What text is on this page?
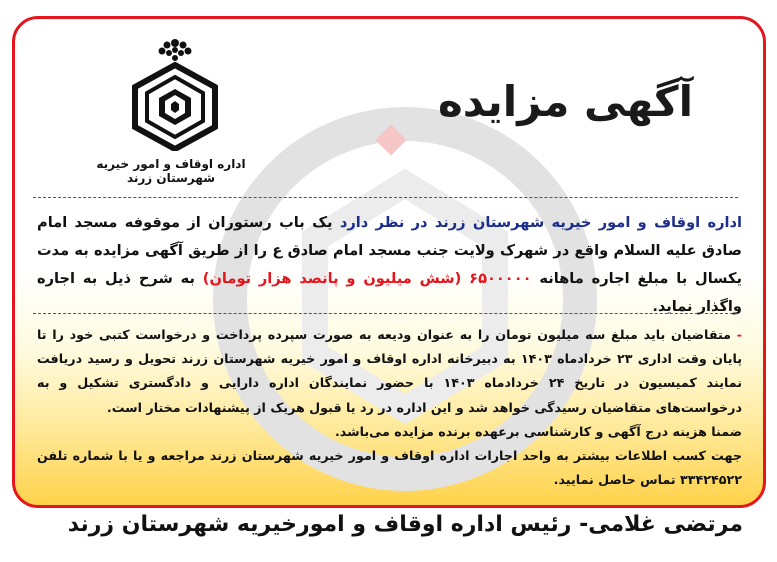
آگهی مزایده
اداره اوقاف و امور خیریه شهرستان زرند
اداره اوقاف و امور خیریه شهرستان زرند در نظر دارد یک باب رستوران از موقوفه مسجد امام صادق علیه السلام واقع در شهرک ولایت جنب مسجد امام صادق ع را از طریق آگهی مزایده به مدت یکسال با مبلغ اجاره ماهانه ۶۵۰۰۰۰۰ (شش میلیون و پانصد هزار تومان) به شرح ذیل به اجاره واگذار نماید.

- متقاضیان باید مبلغ سه میلیون تومان را به عنوان ودیعه به صورت سپرده پرداخت و درخواست کتبی خود را تا پایان وقت اداری ۲۳ خردادماه ۱۴۰۳ به دبیرخانه اداره اوقاف و امور خیریه شهرستان زرند تحویل و رسید دریافت نمایند کمیسیون در تاریخ ۲۴ خردادماه ۱۴۰۳ با حضور نمایندگان اداره دارایی و دادگستری تشکیل و به درخواست‌های متقاضیان رسیدگی خواهد شد و این اداره در رد یا قبول هریک از پیشنهادات مختار است.

ضمنا هزینه درج آگهی و کارشناسی برعهده برنده مزایده می‌باشد.

جهت کسب اطلاعات بیشتر به واحد اجارات اداره اوقاف و امور خیریه شهرستان زرند مراجعه و یا با شماره تلفن ۳۳۴۲۴۵۲۲ تماس حاصل نمایید.

مرتضی غلامی- رئیس اداره اوقاف و امورخیریه شهرستان زرند
